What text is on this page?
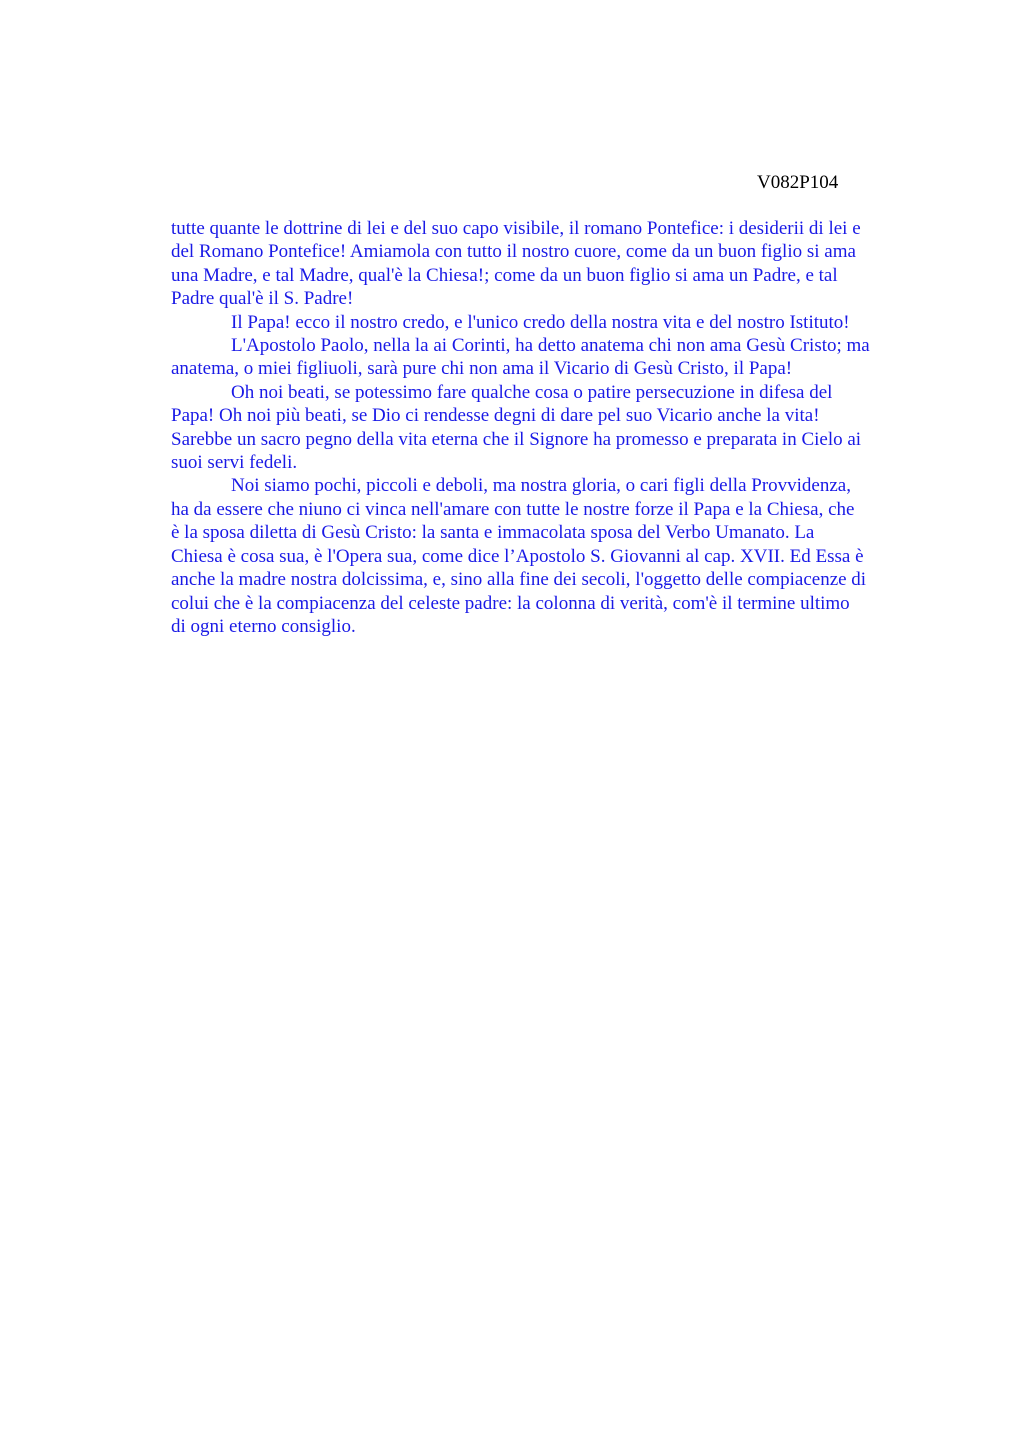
V082P104

tutte quante le dottrine di lei e del suo capo visibile, il romano Pontefice: i desiderii di lei e
del Romano Pontefice! Amiamola con tutto il nostro cuore, come da un buon figlio si ama
una Madre, e tal Madre, qual'è la Chiesa!; come da un buon figlio si ama un Padre, e tal
Padre qual'è il S. Padre!

Il Papa! ecco il nostro credo, e l'unico credo della nostra vita e del nostro Istituto!

L'Apostolo Paolo, nella la ai Corinti, ha detto anatema chi non ama Gesù Cristo; ma
anatema, o miei figliuoli, sarà pure chi non ama il Vicario di Gesù Cristo, il Papa!

Oh noi beati, se potessimo fare qualche cosa o patire persecuzione in difesa del
Papa! Oh noi più beati, se Dio ci rendesse degni di dare pel suo Vicario anche la vita!
Sarebbe un sacro pegno della vita eterna che il Signore ha promesso e preparata in Cielo ai
suoi servi fedeli.

Noi siamo pochi, piccoli e deboli, ma nostra gloria, o cari figli della Provvidenza,
ha da essere che niuno ci vinca nell'amare con tutte le nostre forze il Papa e la Chiesa, che
è la sposa diletta di Gesù Cristo: la santa e immacolata sposa del Verbo Umanato. La
Chiesa è cosa sua, è l'Opera sua, come dice l’Apostolo S. Giovanni al cap. XVII. Ed Essa è
anche la madre nostra dolcissima, e, sino alla fine dei secoli, l'oggetto delle compiacenze di
colui che è la compiacenza del celeste padre: la colonna di verità, com'è il termine ultimo
di ogni eterno consiglio.
